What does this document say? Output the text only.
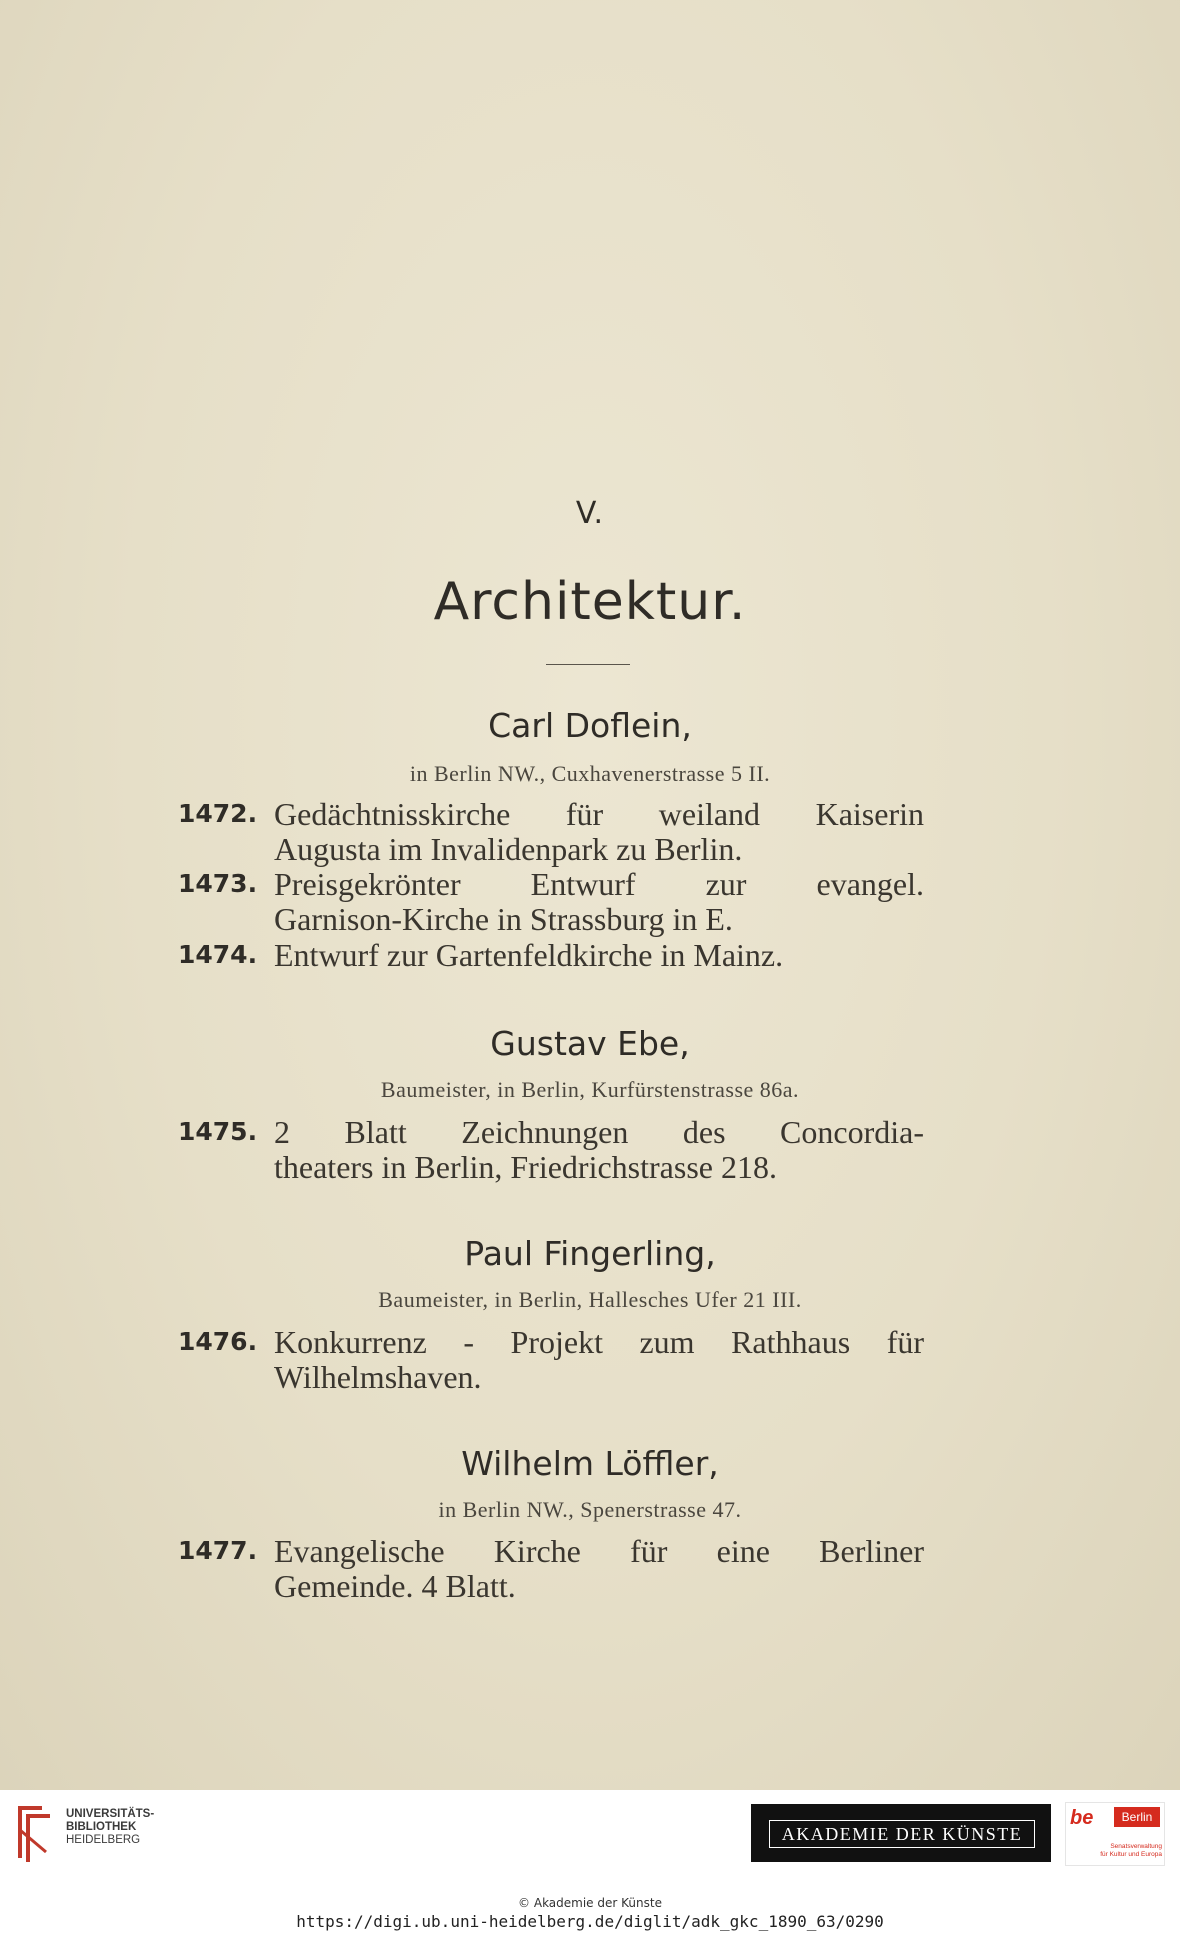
V.
Architektur.
Carl Doflein,
in Berlin NW., Cuxhavenerstrasse 5 II.
1472. Gedächtnisskirche für weiland Kaiserin
Augusta im Invalidenpark zu Berlin.
1473. Preisgekrönter Entwurf zur evangel.
Garnison-Kirche in Strassburg in E.
1474. Entwurf zur Gartenfeldkirche in Mainz.
Gustav Ebe,
Baumeister, in Berlin, Kurfürstenstrasse 86a.
1475. 2 Blatt Zeichnungen des Concordia-
theaters in Berlin, Friedrichstrasse 218.
Paul Fingerling,
Baumeister, in Berlin, Hallesches Ufer 21 III.
1476. Konkurrenz - Projekt zum Rathhaus für
Wilhelmshaven.
Wilhelm Löffler,
in Berlin NW., Spenerstrasse 47.
1477. Evangelische Kirche für eine Berliner
Gemeinde. 4 Blatt.
UNIVERSITÄTS-
BIBLIOTHEK
HEIDELBERG	AKADEMIE DER KÜNSTE
be	Berlin
Senatsverwaltung
für Kultur und Europa
© Akademie der Künste
https://digi.ub.uni-heidelberg.de/diglit/adk_gkc_1890_63/0290
